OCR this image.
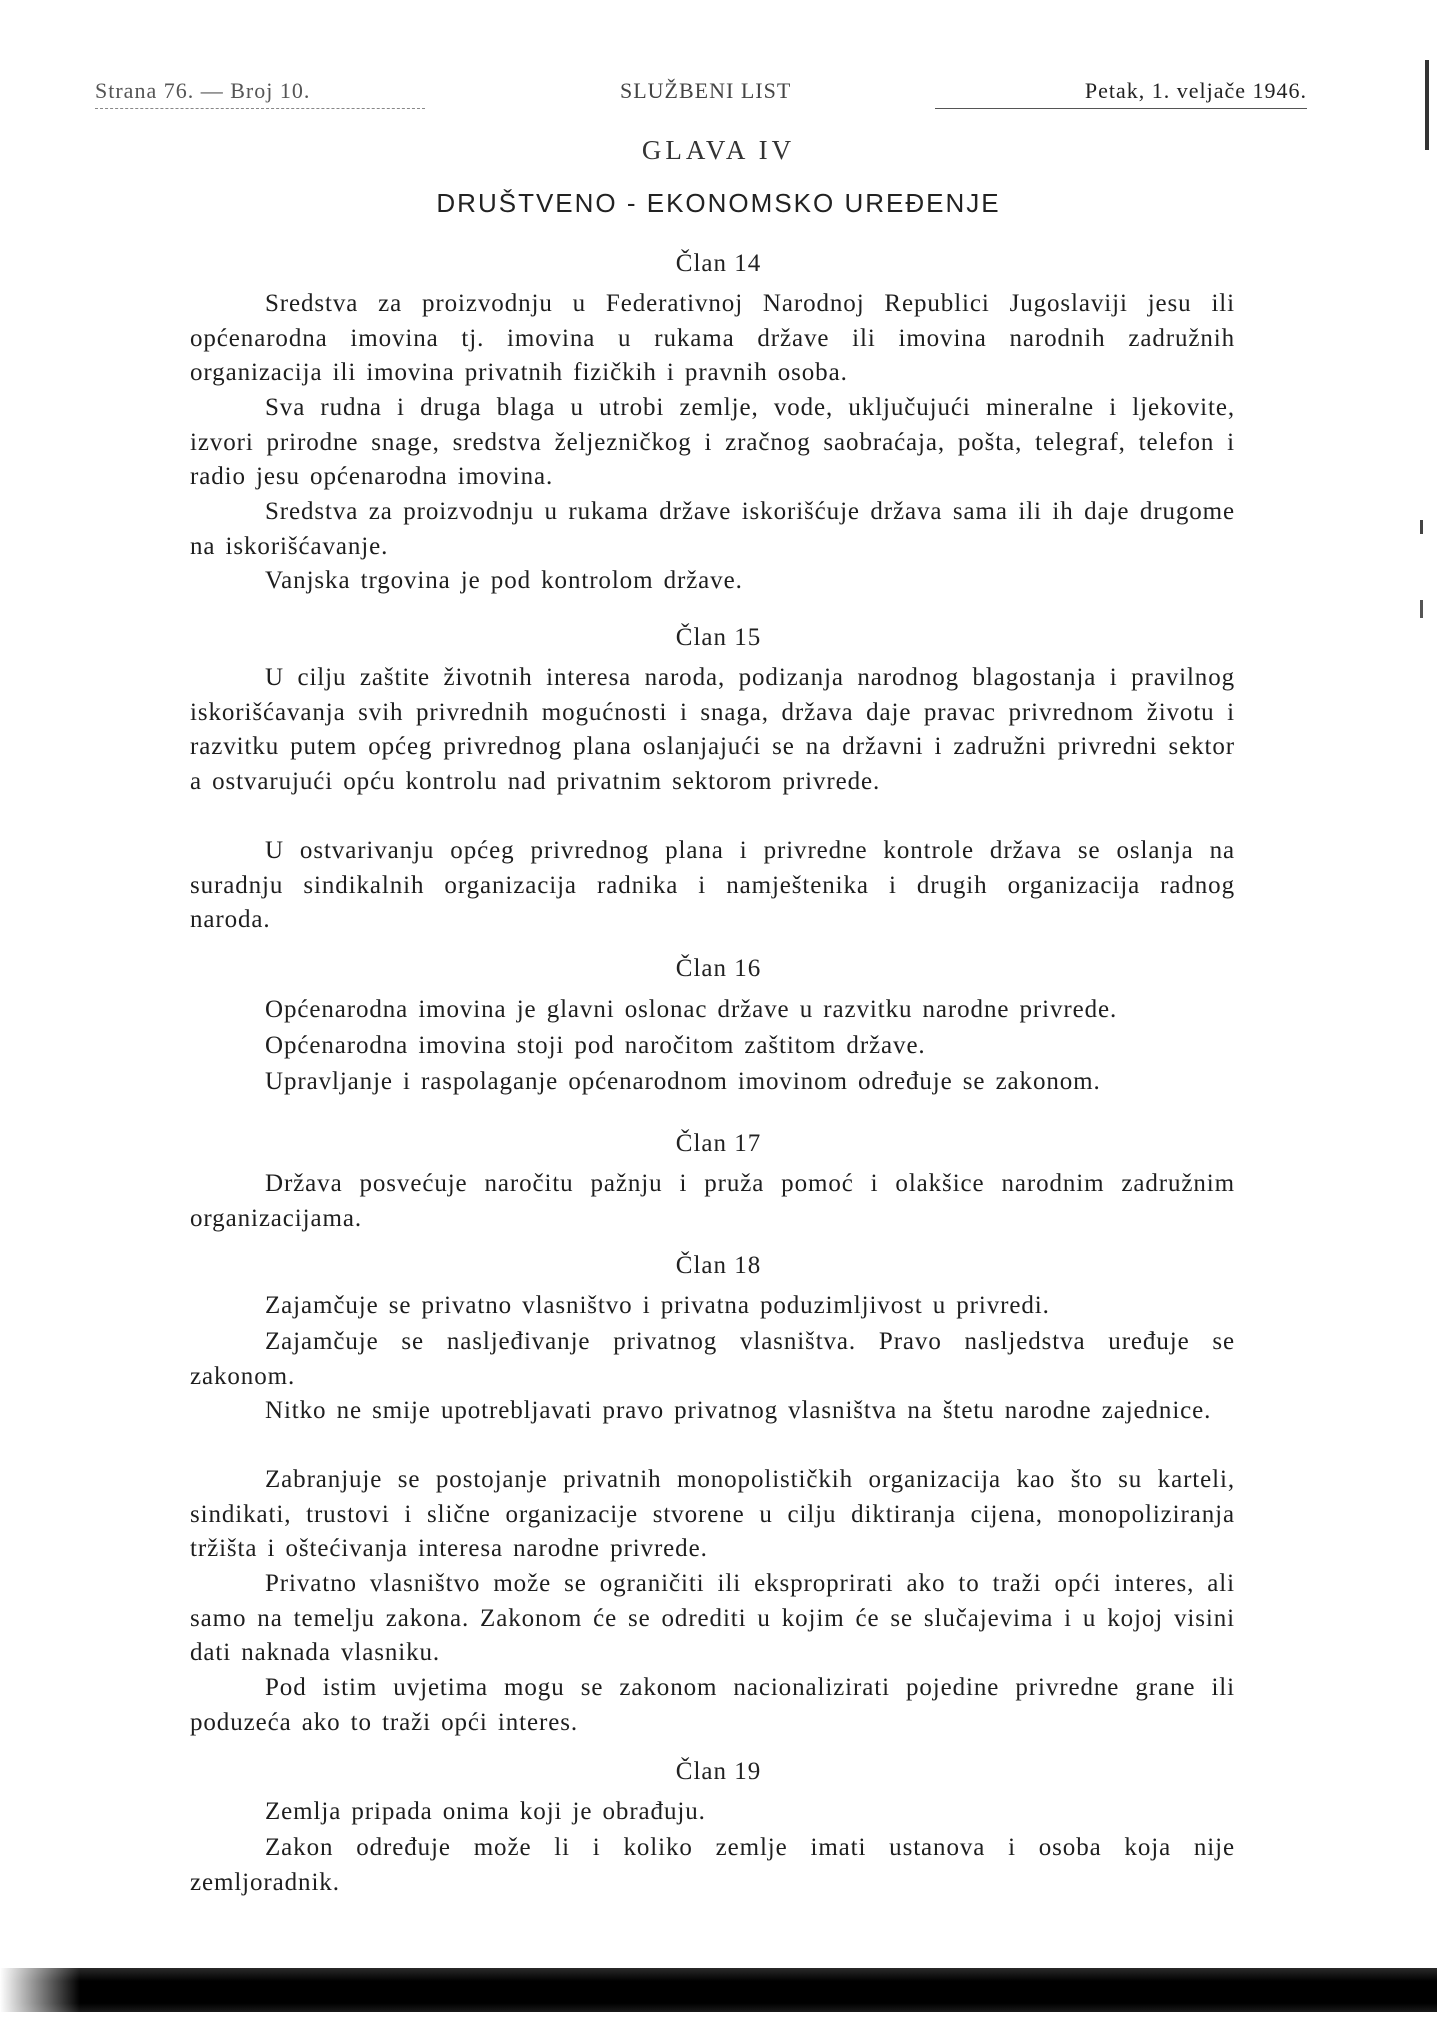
Strana 76. — Broj 10.	SLUŽBENI LIST	Petak, 1. veljače 1946.
GLAVA IV
DRUŠTVENO - EKONOMSKO UREĐENJE
Član 14

Sredstva za proizvodnju u Federativnoj Narodnoj Republici Jugoslaviji jesu ili općenarodna imovina tj. imovina u rukama države ili imovina narodnih zadružnih organizacija ili imovina privatnih fizičkih i pravnih osoba.

Sva rudna i druga blaga u utrobi zemlje, vode, uključujući mineralne i ljekovite, izvori prirodne snage, sredstva željezničkog i zračnog saobraćaja, pošta, telegraf, telefon i radio jesu općenarodna imovina.

Sredstva za proizvodnju u rukama države iskorišćuje država sama ili ih daje drugome na iskorišćavanje.

Vanjska trgovina je pod kontrolom države.

Član 15

U cilju zaštite životnih interesa naroda, podizanja narodnog blagostanja i pravilnog iskorišćavanja svih privrednih mogućnosti i snaga, država daje pravac privrednom životu i razvitku putem općeg privrednog plana oslanjajući se na državni i zadružni privredni sektor a ostvarujući opću kontrolu nad privatnim sektorom privrede.

U ostvarivanju općeg privrednog plana i privredne kontrole država se oslanja na suradnju sindikalnih organizacija radnika i namještenika i drugih organizacija radnog naroda.

Član 16

Općenarodna imovina je glavni oslonac države u razvitku narodne privrede.

Općenarodna imovina stoji pod naročitom zaštitom države.

Upravljanje i raspolaganje općenarodnom imovinom određuje se zakonom.

Član 17

Država posvećuje naročitu pažnju i pruža pomoć i olakšice narodnim zadružnim organizacijama.

Član 18

Zajamčuje se privatno vlasništvo i privatna poduzimljivost u privredi.

Zajamčuje se nasljeđivanje privatnog vlasništva. Pravo nasljedstva uređuje se zakonom.

Nitko ne smije upotrebljavati pravo privatnog vlasništva na štetu narodne zajednice.

Zabranjuje se postojanje privatnih monopolističkih organizacija kao što su karteli, sindikati, trustovi i slične organizacije stvorene u cilju diktiranja cijena, monopoliziranja tržišta i oštećivanja interesa narodne privrede.

Privatno vlasništvo može se ograničiti ili eksproprirati ako to traži opći interes, ali samo na temelju zakona. Zakonom će se odrediti u kojim će se slučajevima i u kojoj visini dati naknada vlasniku.

Pod istim uvjetima mogu se zakonom nacionalizirati pojedine privredne grane ili poduzeća ako to traži opći interes.

Član 19

Zemlja pripada onima koji je obrađuju.

Zakon određuje može li i koliko zemlje imati ustanova i osoba koja nije zemljoradnik.
